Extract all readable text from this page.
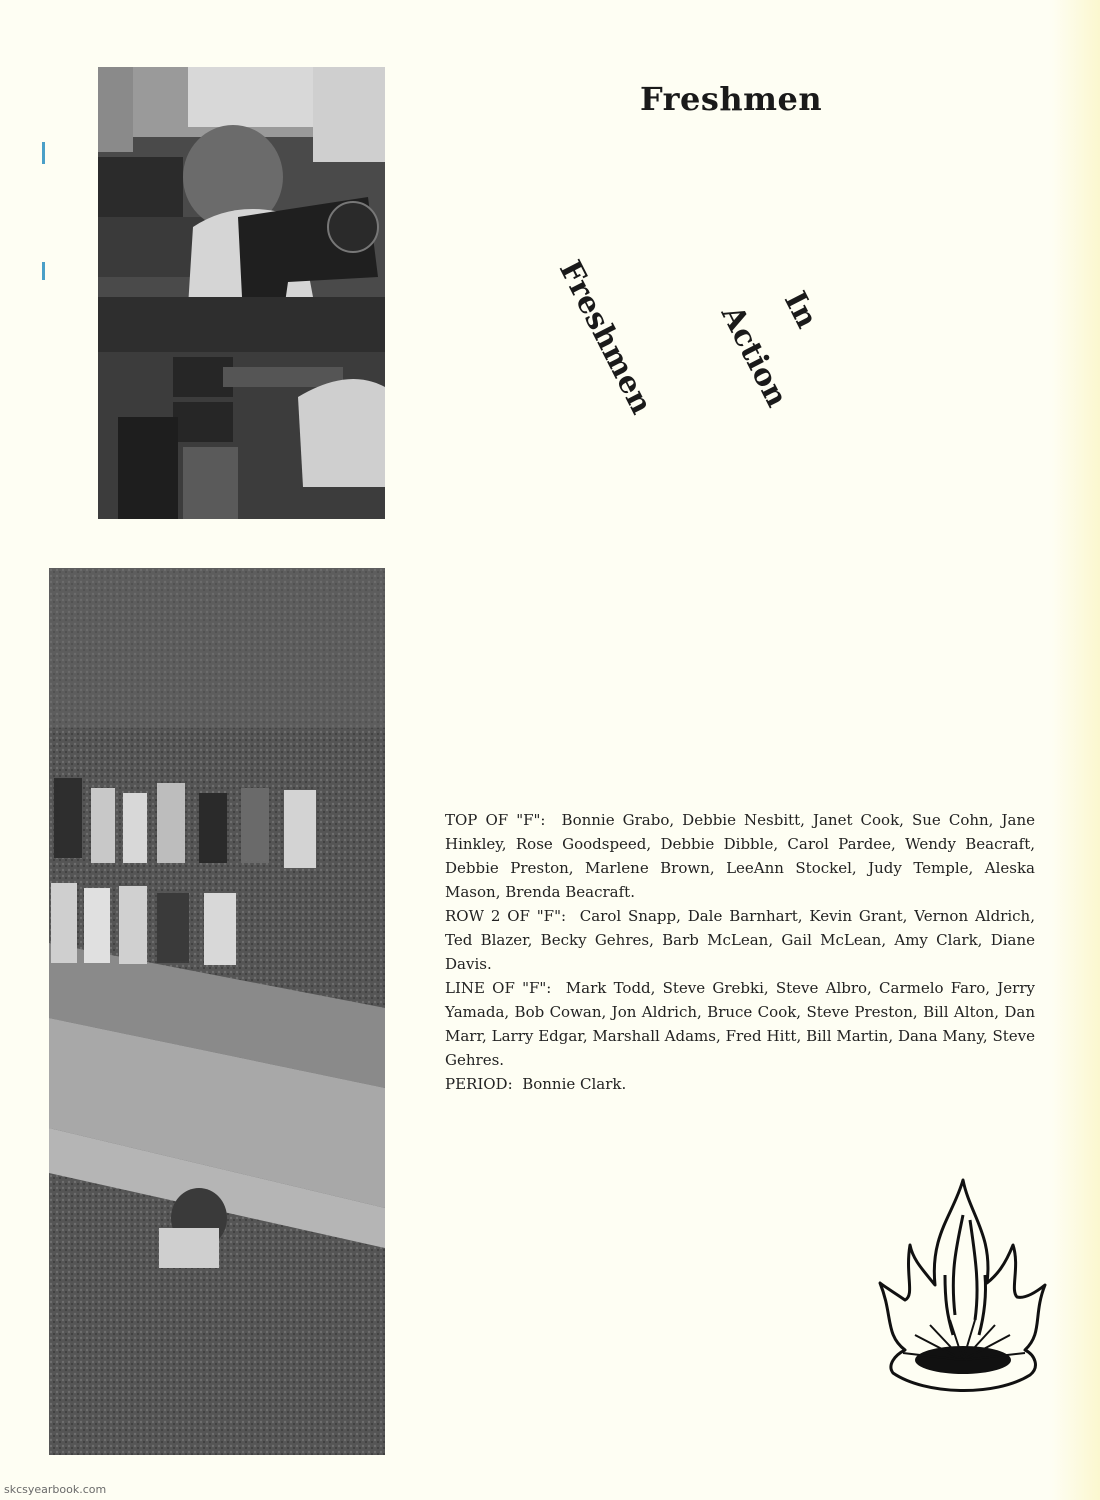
Freshmen
Freshmen	In
Action

TOP OF "F": Bonnie Grabo, Debbie Nesbitt, Janet Cook, Sue Cohn, Jane Hinkley, Rose Goodspeed, Debbie Dibble, Carol Pardee, Wendy Beacraft, Debbie Preston, Marlene Brown, LeeAnn Stockel, Judy Temple, Aleska Mason, Brenda Beacraft.

ROW 2 OF "F": Carol Snapp, Dale Barnhart, Kevin Grant, Vernon Aldrich, Ted Blazer, Becky Gehres, Barb McLean, Gail McLean, Amy Clark, Diane Davis.

LINE OF "F": Mark Todd, Steve Grebki, Steve Albro, Carmelo Faro, Jerry Yamada, Bob Cowan, Jon Aldrich, Bruce Cook, Steve Preston, Bill Alton, Dan Marr, Larry Edgar, Marshall Adams, Fred Hitt, Bill Martin, Dana Many, Steve Gehres.

PERIOD: Bonnie Clark.

skcsyearbook.com
